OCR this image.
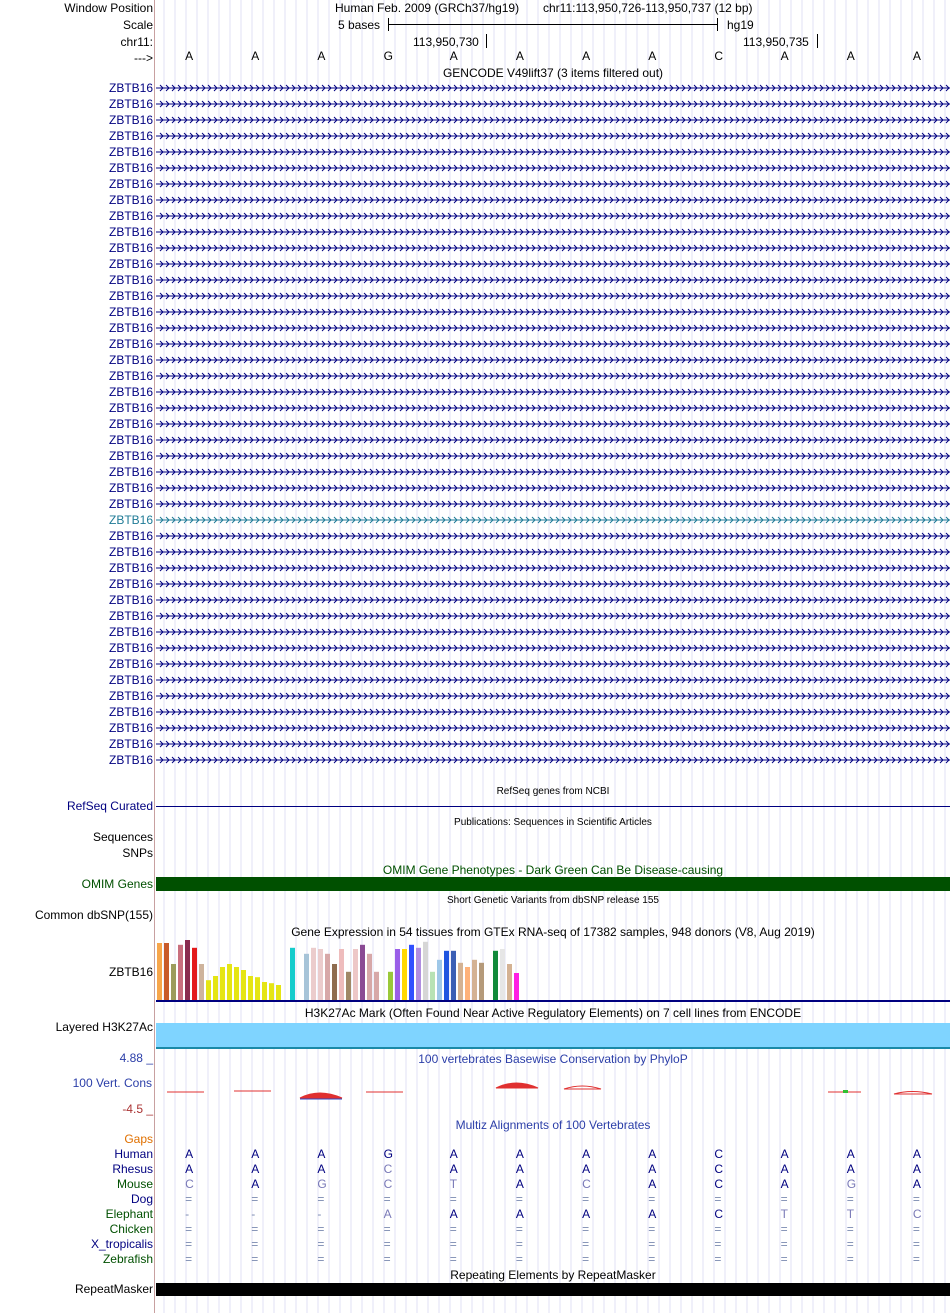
Window Position
Scale
chr11:
--->
Human Feb. 2009 (GRCh37/hg19) chr11:113,950,726-113,950,737 (12 bp)
5 bases	hg19
113,950,730	113,950,735
GENCODE V49lift37 (3 items filtered out)
RefSeq genes from NCBI
RefSeq Curated
Publications: Sequences in Scientific Articles
Sequences
SNPs
OMIM Gene Phenotypes - Dark Green Can Be Disease-causing
OMIM Genes
Short Genetic Variants from dbSNP release 155
Common dbSNP(155)
Gene Expression in 54 tissues from GTEx RNA-seq of 17382 samples, 948 donors (V8, Aug 2019)
ZBTB16
H3K27Ac Mark (Often Found Near Active Regulatory Elements) on 7 cell lines from ENCODE
Layered H3K27Ac
100 vertebrates Basewise Conservation by PhyloP
4.88 _
100 Vert. Cons
-4.5 _
Multiz Alignments of 100 Vertebrates
Gaps
Human	A	A	A	G	A	A	A	A	C	A	A	A
Rhesus	A	A	A	C	A	A	A	A	C	A	A	A
Mouse	C	A	G	C	T	A	C	A	C	A	G	A
Dog	=	=	=	=	=	=	=	=	=	=	=	=
Elephant	-	-	-	A	A	A	A	A	C	T	T	C
Chicken	=	=	=	=	=	=	=	=	=	=	=	=
X_tropicalis	=	=	=	=	=	=	=	=	=	=	=	=
Zebrafish	=	=	=	=	=	=	=	=	=	=	=	=
Repeating Elements by RepeatMasker
RepeatMasker
A	A	A	G	A	A	A	A	C	A	A	A
ZBTB16
ZBTB16
ZBTB16
ZBTB16
ZBTB16
ZBTB16
ZBTB16
ZBTB16
ZBTB16
ZBTB16
ZBTB16
ZBTB16
ZBTB16
ZBTB16
ZBTB16
ZBTB16
ZBTB16
ZBTB16
ZBTB16
ZBTB16
ZBTB16
ZBTB16
ZBTB16
ZBTB16
ZBTB16
ZBTB16
ZBTB16
ZBTB16
ZBTB16
ZBTB16
ZBTB16
ZBTB16
ZBTB16
ZBTB16
ZBTB16
ZBTB16
ZBTB16
ZBTB16
ZBTB16
ZBTB16
ZBTB16
ZBTB16
ZBTB16
